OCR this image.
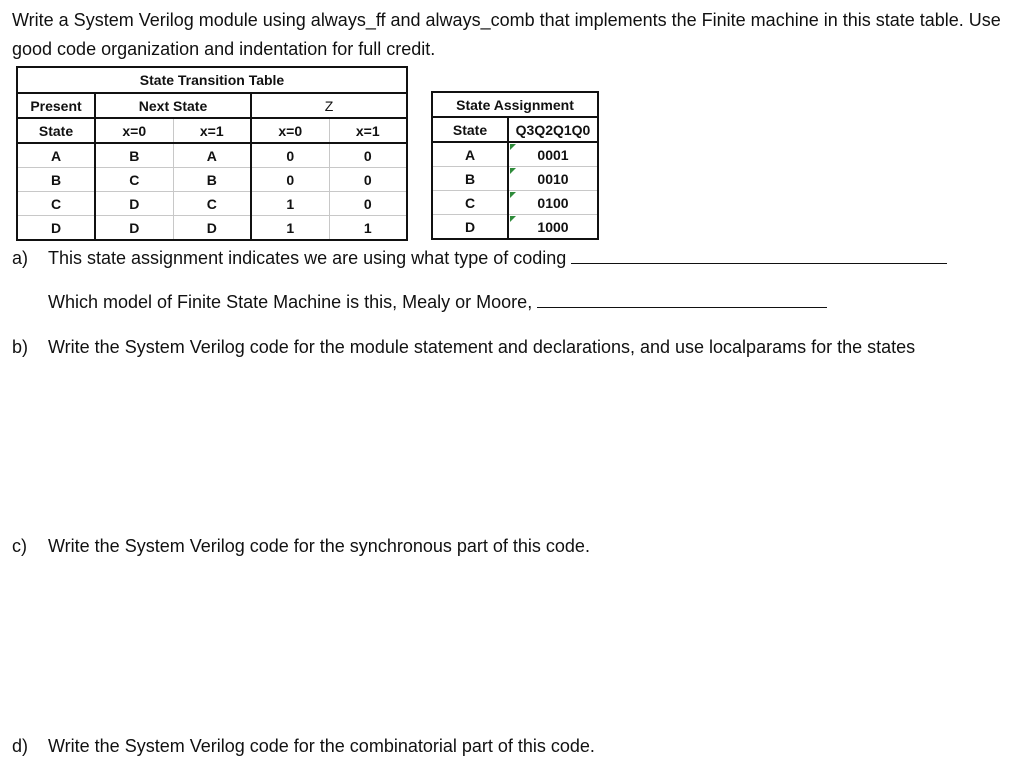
Write a System Verilog module using always_ff and always_comb that implements the Finite machine in this state table. Use good code organization and indentation for full credit.
State Transition Table				
Present	Next State		Z	
State	x=0	x=1	x=0	x=1
A	B	A	0	0
B	C	B	0	0
C	D	C	1	0
D	D	D	1	1
State Assignment	
State	Q3Q2Q1Q0
A	0001
B	0010
C	0100
D	1000
a) This state assignment indicates we are using what type of coding
Which model of Finite State Machine is this, Mealy or Moore,
b) Write the System Verilog code for the module statement and declarations, and use localparams for the states
c) Write the System Verilog code for the synchronous part of this code.
d) Write the System Verilog code for the combinatorial part of this code.
